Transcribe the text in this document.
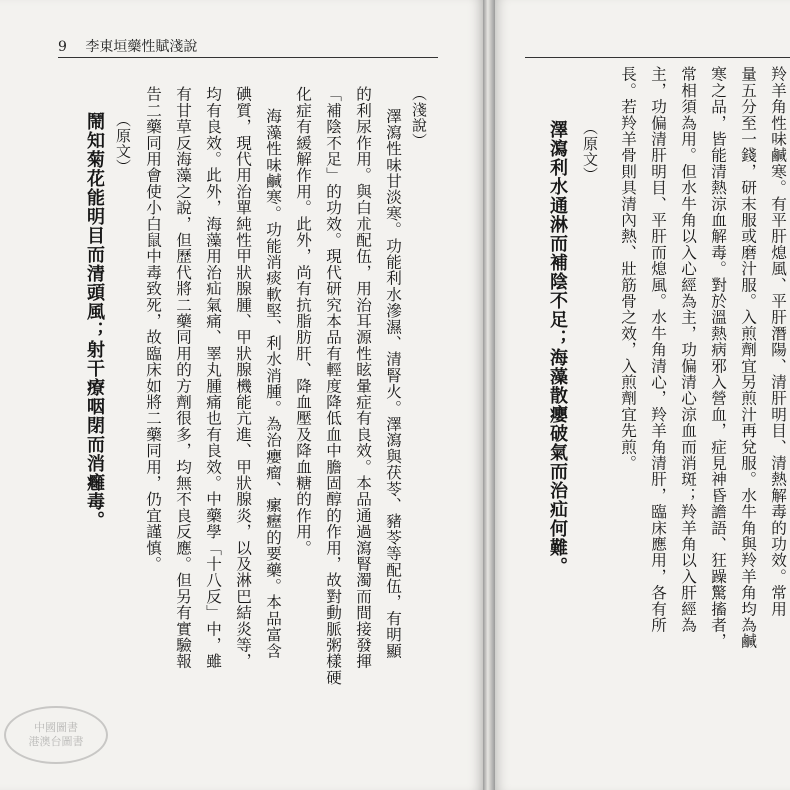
9 李東垣藥性賦淺說
（淺說）
澤瀉性味甘淡寒。功能利水滲濕、清腎火。澤瀉與茯苓、豬苓等配伍，有明顯
的利尿作用。與白朮配伍，用治耳源性眩暈症有良效。本品通過瀉腎濁而間接發揮
「補陰不足」的功效。現代研究本品有輕度降低血中膽固醇的作用，故對動脈粥樣硬
化症有緩解作用。此外，尚有抗脂肪肝、降血壓及降血糖的作用。
海藻性味鹹寒。功能消痰軟堅、利水消腫。為治癭瘤、瘰癧的要藥。本品富含
碘質，現代用治單純性甲狀腺腫、甲狀腺機能亢進、甲狀腺炎，以及淋巴結炎等，
均有良效。此外，海藻用治疝氣痛、睪丸腫痛也有良效。中藥學「十八反」中，雖
有甘草反海藻之說，但歷代將二藥同用的方劑很多，均無不良反應。但另有實驗報
告二藥同用會使小白鼠中毒致死，故臨床如將二藥同用，仍宜謹慎。
（原文）
鬧知菊花能明目而清頭風；射干療咽閉而消癰毒。
中國圖書
港澳台圖書
羚羊角性味鹹寒。有平肝熄風、平肝潛陽、清肝明目、清熱解毒的功效。常用
量五分至一錢，研末服或磨汁服。入煎劑宜另煎汁再兌服。水牛角與羚羊角均為鹹
寒之品，皆能清熱涼血解毒。對於溫熱病邪入營血，症見神昏譫語、狂躁驚搐者，
常相須為用。但水牛角以入心經為主，功偏清心涼血而消斑；羚羊角以入肝經為
主，功偏清肝明目、平肝而熄風。水牛角清心，羚羊角清肝，臨床應用，各有所
長。若羚羊骨則具清內熱、壯筋骨之效，入煎劑宜先煎。
（原文）
澤瀉利水通淋而補陰不足；海藻散癭破氣而治疝何難。
